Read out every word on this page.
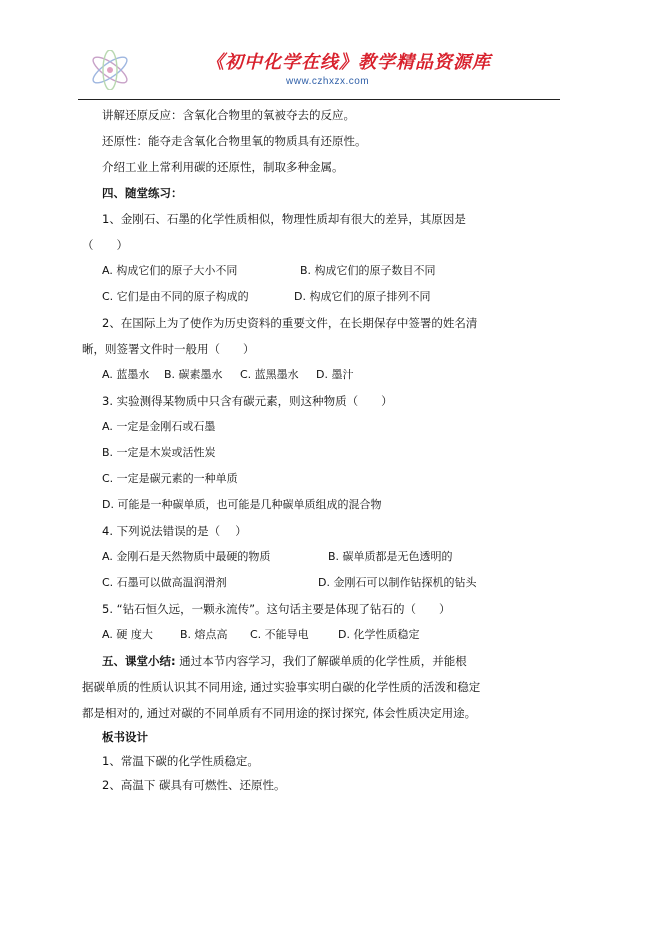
《初中化学在线》教学精品资源库
www.czhxzx.com
讲解还原反应：含氧化合物里的氧被夺去的反应。
还原性：能夺走含氧化合物里氧的物质具有还原性。
介绍工业上常利用碳的还原性，制取多种金属。
四、随堂练习：
1、金刚石、石墨的化学性质相似，物理性质却有很大的差异，其原因是
（　　）
A. 构成它们的原子大小不同	B. 构成它们的原子数目不同
C. 它们是由不同的原子构成的	D. 构成它们的原子排列不同
2、在国际上为了使作为历史资料的重要文件，在长期保存中签署的姓名清
晰，则签署文件时一般用（　　）
A. 蓝墨水 B. 碳素墨水 C. 蓝黑墨水 D. 墨汁
3. 实验测得某物质中只含有碳元素，则这种物质（　　）
A. 一定是金刚石或石墨
B. 一定是木炭或活性炭
C. 一定是碳元素的一种单质
D. 可能是一种碳单质，也可能是几种碳单质组成的混合物
4. 下列说法错误的是（　 ）
A. 金刚石是天然物质中最硬的物质	B. 碳单质都是无色透明的
C. 石墨可以做高温润滑剂	D. 金刚石可以制作钻探机的钻头
5. “钻石恒久远，一颗永流传”。这句话主要是体现了钻石的（　　）
A. 硬 度大 B. 熔点高 C. 不能导电	D. 化学性质稳定
五、课堂小结: 通过本节内容学习，我们了解碳单质的化学性质，并能根
据碳单质的性质认识其不同用途, 通过实验事实明白碳的化学性质的活泼和稳定
都是相对的, 通过对碳的不同单质有不同用途的探讨探究, 体会性质决定用途。
板书设计
1、常温下碳的化学性质稳定。
2、高温下 碳具有可燃性、还原性。
